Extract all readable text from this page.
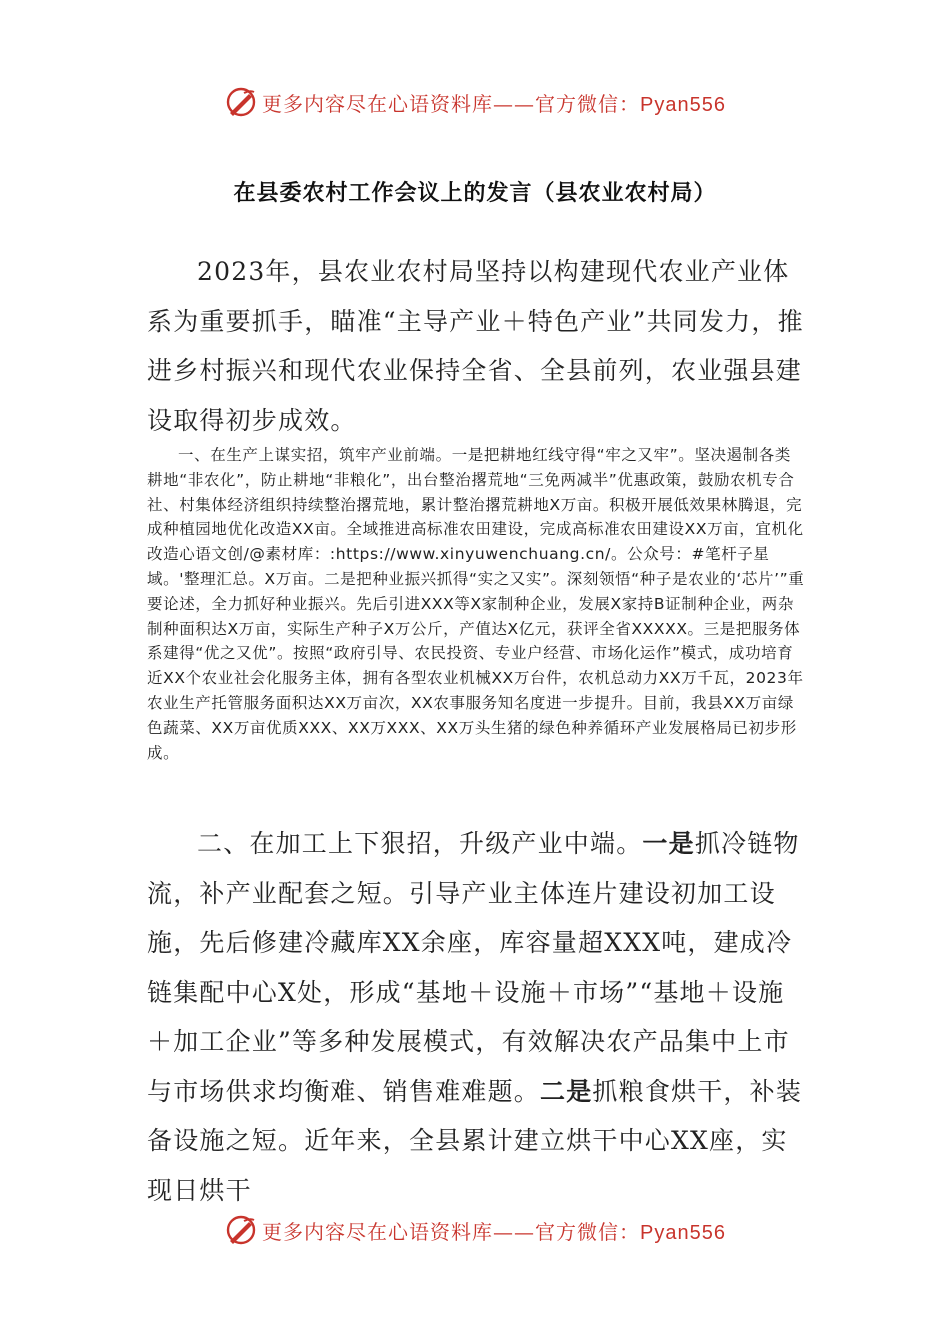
更多内容尽在心语资料库——官方微信：Pyan556
在县委农村工作会议上的发言（县农业农村局）

2023年，县农业农村局坚持以构建现代农业产业体系为重要抓手，瞄准“主导产业＋特色产业”共同发力，推进乡村振兴和现代农业保持全省、全县前列，农业强县建设取得初步成效。

一、在生产上谋实招，筑牢产业前端。一是把耕地红线守得“牢之又牢”。坚决遏制各类耕地“非农化”，防止耕地“非粮化”，出台整治撂荒地“三免两减半”优惠政策，鼓励农机专合社、村集体经济组织持续整治撂荒地，累计整治撂荒耕地X万亩。积极开展低效果林腾退，完成种植园地优化改造XX亩。全域推进高标准农田建设，完成高标准农田建设XX万亩，宜机化改造心语文创/@素材库：:https://www.xinyuwenchuang.cn/。公众号：#笔杆子星域。'整理汇总。X万亩。二是把种业振兴抓得“实之又实”。深刻领悟“种子是农业的‘芯片’”重要论述，全力抓好种业振兴。先后引进XXX等X家制种企业，发展X家持B证制种企业，两杂制种面积达X万亩，实际生产种子X万公斤，产值达X亿元，获评全省XXXXX。三是把服务体系建得“优之又优”。按照“政府引导、农民投资、专业户经营、市场化运作”模式，成功培育近XX个农业社会化服务主体，拥有各型农业机械XX万台件，农机总动力XX万千瓦，2023年农业生产托管服务面积达XX万亩次，XX农事服务知名度进一步提升。目前，我县XX万亩绿色蔬菜、XX万亩优质XXX、XX万XXX、XX万头生猪的绿色种养循环产业发展格局已初步形成。

二、在加工上下狠招，升级产业中端。一是抓冷链物流，补产业配套之短。引导产业主体连片建设初加工设施，先后修建冷藏库XX余座，库容量超XXX吨，建成冷链集配中心X处，形成“基地＋设施＋市场”“基地＋设施＋加工企业”等多种发展模式，有效解决农产品集中上市与市场供求均衡难、销售难难题。二是抓粮食烘干，补装备设施之短。近年来，全县累计建立烘干中心XX座，实现日烘干

更多内容尽在心语资料库——官方微信：Pyan556
